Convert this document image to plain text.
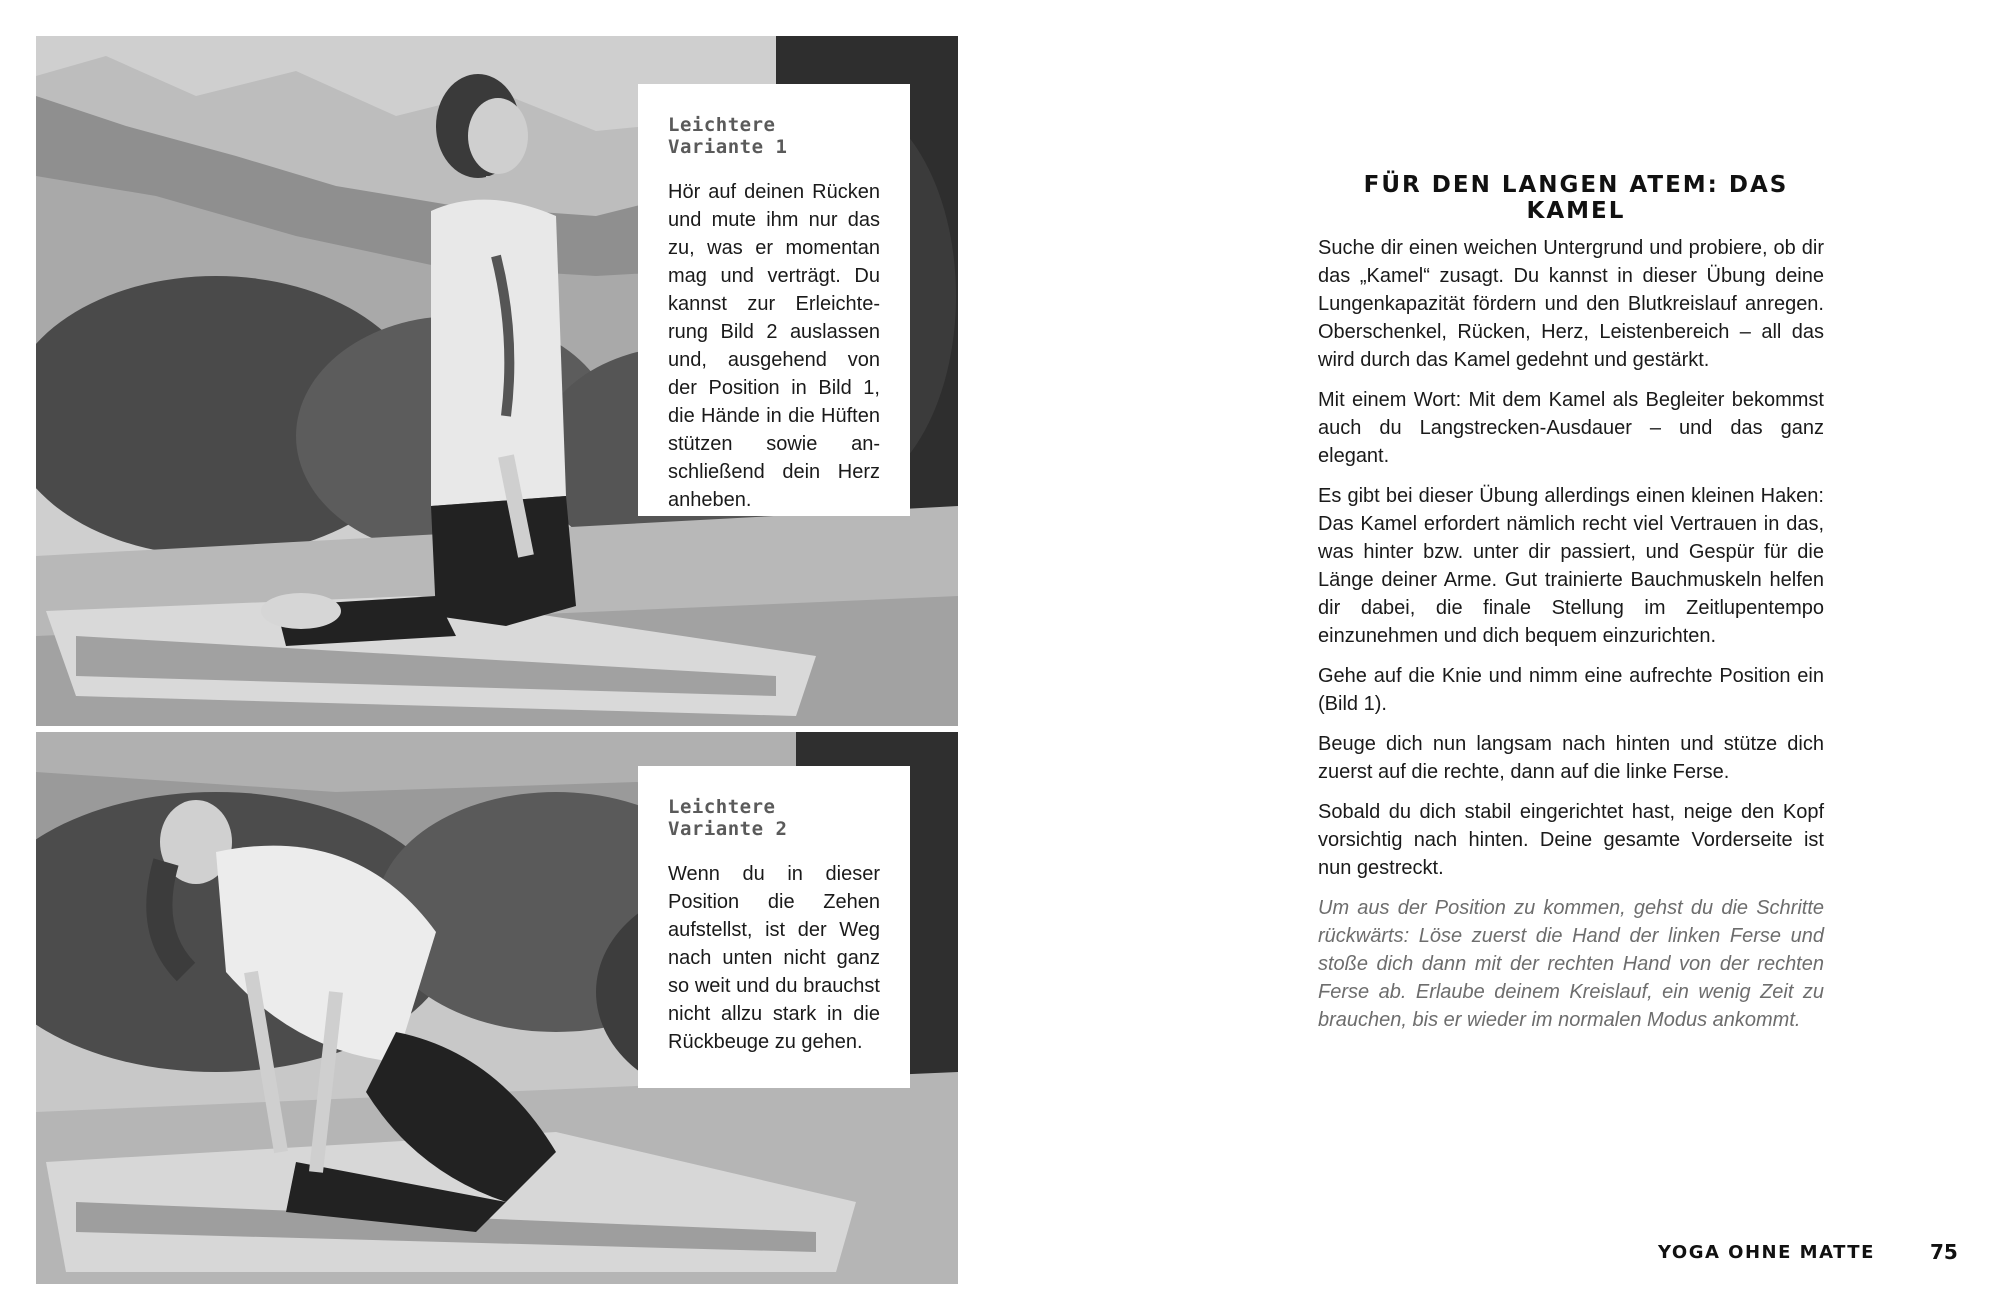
Leichtere Variante 1

Hör auf deinen Rücken und mute ihm nur das zu, was er momentan mag und verträgt. Du kannst zur Erleichterung Bild 2 auslassen und, ausgehend von der Position in Bild 1, die Hände in die Hüften stützen sowie anschließend dein Herz anheben.

Leichtere Variante 2

Wenn du in dieser Position die Zehen aufstellst, ist der Weg nach unten nicht ganz so weit und du brauchst nicht allzu stark in die Rückbeuge zu gehen.

FÜR DEN LANGEN ATEM: DAS KAMEL

Suche dir einen weichen Untergrund und probiere, ob dir das „Kamel“ zusagt. Du kannst in dieser Übung deine Lungenkapazität fördern und den Blutkreislauf anregen. Oberschenkel, Rücken, Herz, Leistenbereich – all das wird durch das Kamel gedehnt und gestärkt.

Mit einem Wort: Mit dem Kamel als Begleiter bekommst auch du Langstrecken-Ausdauer – und das ganz elegant.

Es gibt bei dieser Übung allerdings einen kleinen Haken: Das Kamel erfordert nämlich recht viel Vertrauen in das, was hinter bzw. unter dir passiert, und Gespür für die Länge deiner Arme. Gut trainierte Bauchmuskeln helfen dir dabei, die finale Stellung im Zeitlupentempo einzunehmen und dich bequem einzurichten.

Gehe auf die Knie und nimm eine aufrechte Position ein (Bild 1).

Beuge dich nun langsam nach hinten und stütze dich zuerst auf die rechte, dann auf die linke Ferse.

Sobald du dich stabil eingerichtet hast, neige den Kopf vorsichtig nach hinten. Deine gesamte Vorderseite ist nun gestreckt.

Um aus der Position zu kommen, gehst du die Schritte rückwärts: Löse zuerst die Hand der linken Ferse und stoße dich dann mit der rechten Hand von der rechten Ferse ab. Erlaube deinem Kreislauf, ein wenig Zeit zu brauchen, bis er wieder im normalen Modus ankommt.

YOGA OHNE MATTE	75
